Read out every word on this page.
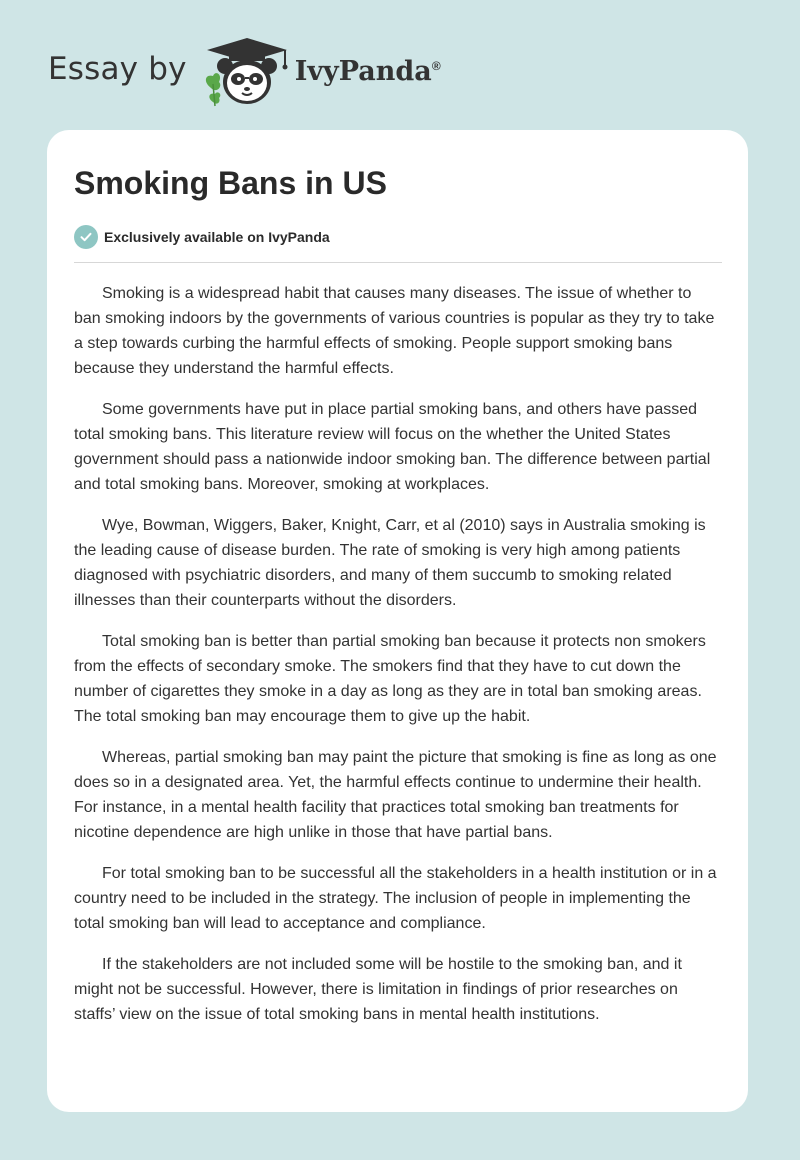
Essay by	IvyPanda®
Smoking Bans in US
Exclusively available on IvyPanda

Smoking is a widespread habit that causes many diseases. The issue of whether to ban smoking indoors by the governments of various countries is popular as they try to take a step towards curbing the harmful effects of smoking. People support smoking bans because they understand the harmful effects.

Some governments have put in place partial smoking bans, and others have passed total smoking bans. This literature review will focus on the whether the United States government should pass a nationwide indoor smoking ban. The difference between partial and total smoking bans. Moreover, smoking at workplaces.

Wye, Bowman, Wiggers, Baker, Knight, Carr, et al (2010) says in Australia smoking is the leading cause of disease burden. The rate of smoking is very high among patients diagnosed with psychiatric disorders, and many of them succumb to smoking related illnesses than their counterparts without the disorders.

Total smoking ban is better than partial smoking ban because it protects non smokers from the effects of secondary smoke. The smokers find that they have to cut down the number of cigarettes they smoke in a day as long as they are in total ban smoking areas. The total smoking ban may encourage them to give up the habit.

Whereas, partial smoking ban may paint the picture that smoking is fine as long as one does so in a designated area. Yet, the harmful effects continue to undermine their health. For instance, in a mental health facility that practices total smoking ban treatments for nicotine dependence are high unlike in those that have partial bans.

For total smoking ban to be successful all the stakeholders in a health institution or in a country need to be included in the strategy. The inclusion of people in implementing the total smoking ban will lead to acceptance and compliance.

If the stakeholders are not included some will be hostile to the smoking ban, and it might not be successful. However, there is limitation in findings of prior researches on staffs’ view on the issue of total smoking bans in mental health institutions.
